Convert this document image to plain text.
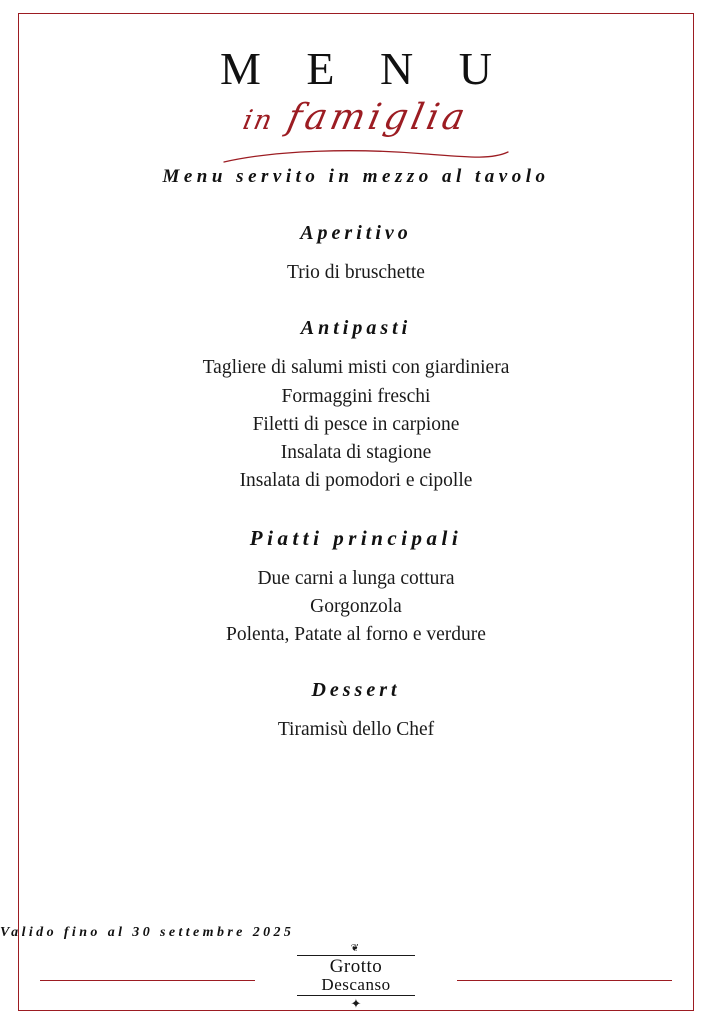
M E N U
in famiglia
Menu servito in mezzo al tavolo
Aperitivo
Trio di bruschette
Antipasti
Tagliere di salumi misti con giardiniera
Formaggini freschi
Filetti di pesce in carpione
Insalata di stagione
Insalata di pomodori e cipolle
Piatti principali
Due carni a lunga cottura
Gorgonzola
Polenta, Patate al forno e verdure
Dessert
Tiramisù dello Chef
Valido fino al 30 settembre 2025
❦
Grotto
Descanso
✦
